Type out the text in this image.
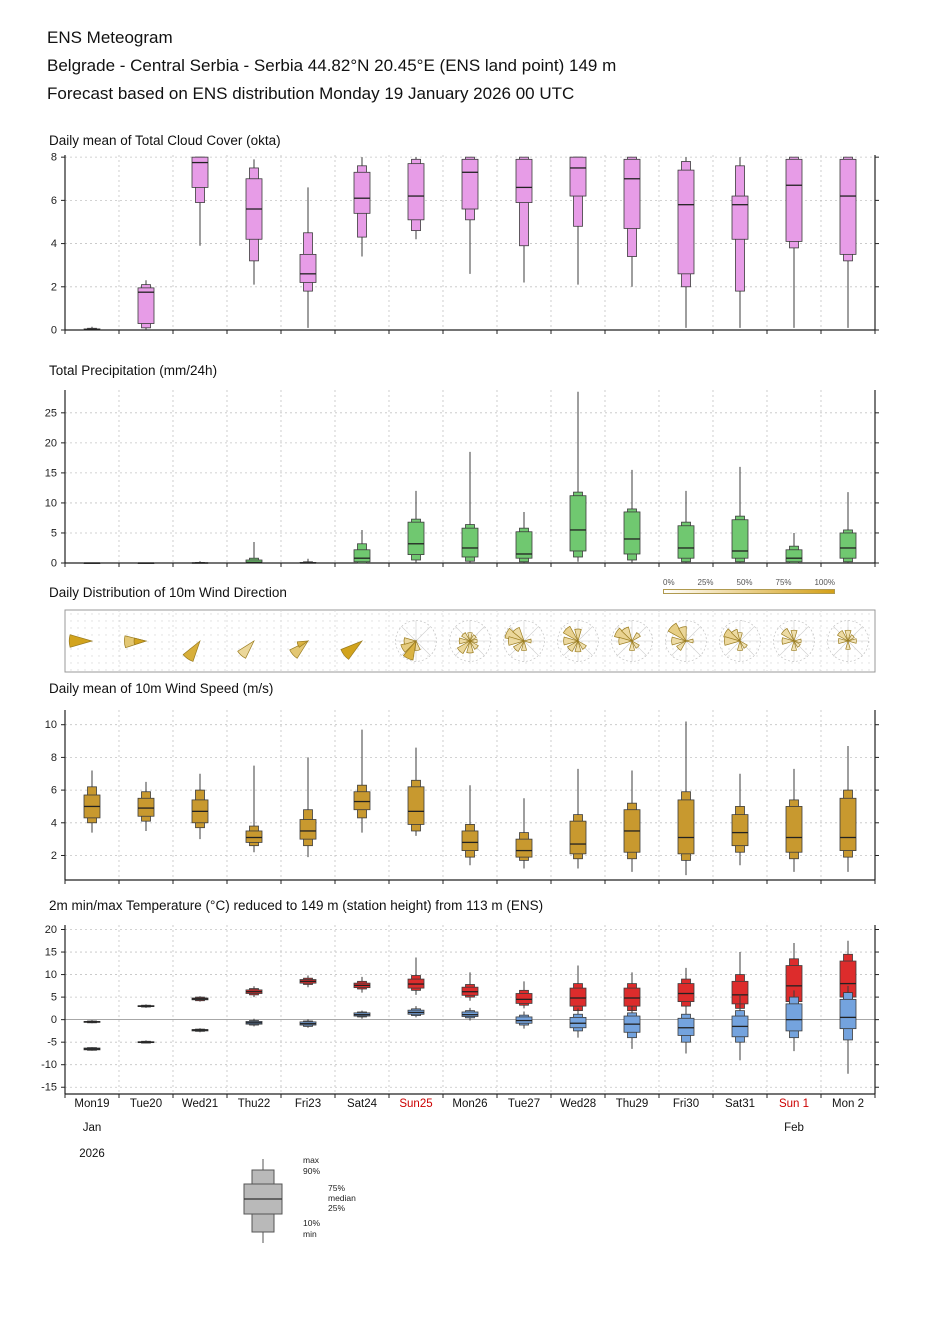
ENS Meteogram
Belgrade - Central Serbia - Serbia 44.82°N 20.45°E (ENS land point) 149 m
Forecast based on ENS distribution Monday 19 January 2026 00 UTC
Daily mean of Total Cloud Cover (okta)
0
2
4
6
8
Total Precipitation (mm/24h)
0
5
10
15
20
25
Daily Distribution of 10m Wind Direction
0%	25%	50%	75%	100%
Daily mean of 10m Wind Speed (m/s)
2
4
6
8
10
2m min/max Temperature (°C) reduced to 149 m (station height) from 113 m (ENS)
-15
-10
-5
0
5
10
15
20
Mon19	Tue20	Wed21	Thu22	Fri23	Sat24	Sun25	Mon26	Tue27	Wed28	Thu29	Fri30	Sat31	Sun 1	Mon 2
Jan	Feb
2026	max
90%
75%
median
25%
10%
min
